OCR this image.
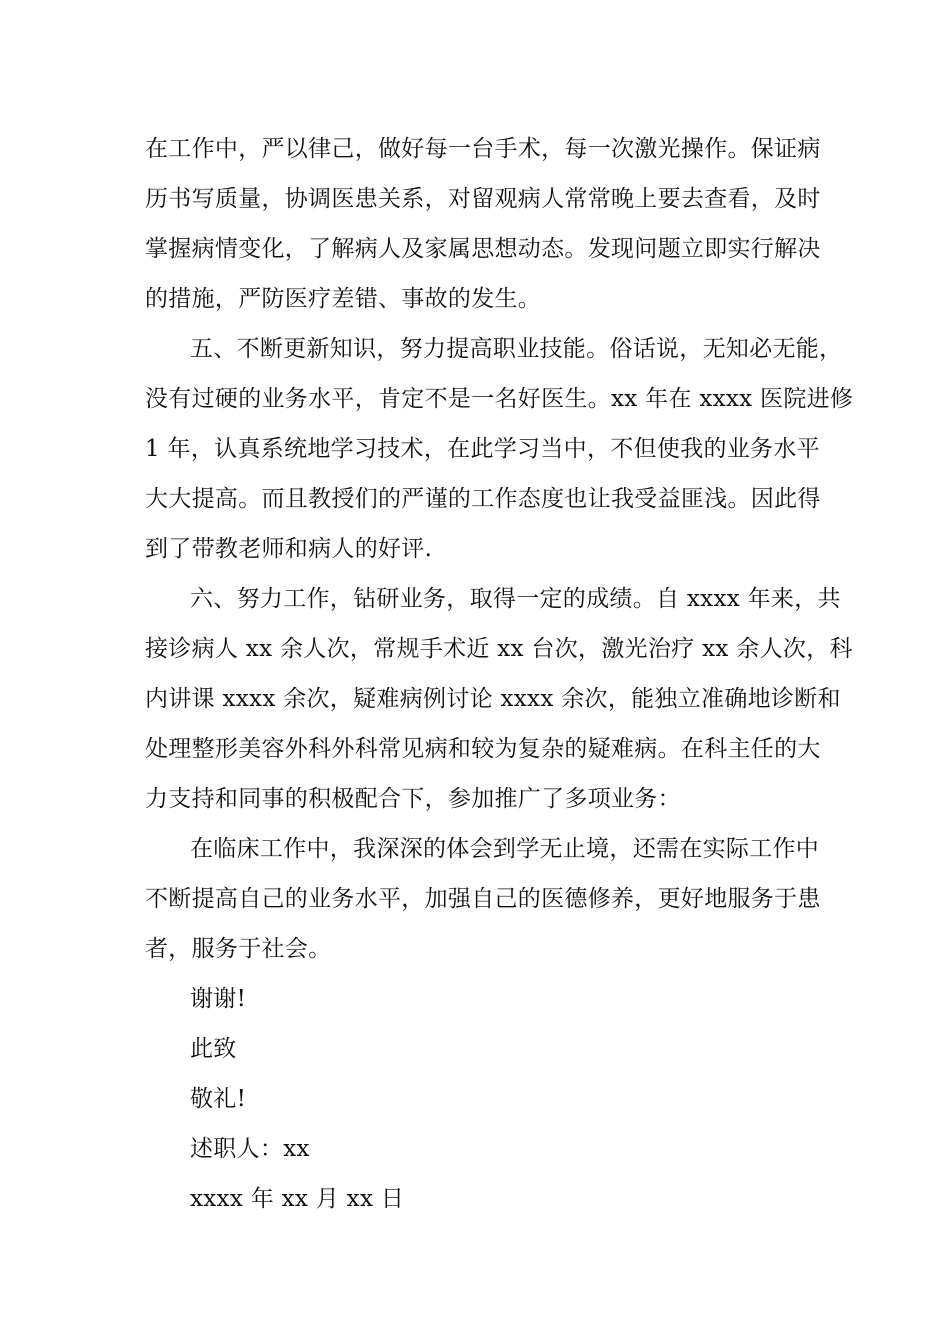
在工作中，严以律己，做好每一台手术，每一次激光操作。保证病
历书写质量，协调医患关系，对留观病人常常晚上要去查看，及时
掌握病情变化，了解病人及家属思想动态。发现问题立即实行解决
的措施，严防医疗差错、事故的发生。
五、不断更新知识，努力提高职业技能。俗话说，无知必无能，
没有过硬的业务水平，肯定不是一名好医生。xx 年在 xxxx 医院进修
1 年，认真系统地学习技术，在此学习当中，不但使我的业务水平
大大提高。而且教授们的严谨的工作态度也让我受益匪浅。因此得
到了带教老师和病人的好评.
六、努力工作，钻研业务，取得一定的成绩。自 xxxx 年来，共
接诊病人 xx 余人次，常规手术近 xx 台次，激光治疗 xx 余人次，科
内讲课 xxxx 余次，疑难病例讨论 xxxx 余次，能独立准确地诊断和
处理整形美容外科外科常见病和较为复杂的疑难病。在科主任的大
力支持和同事的积极配合下，参加推广了多项业务：
在临床工作中，我深深的体会到学无止境，还需在实际工作中
不断提高自己的业务水平，加强自己的医德修养，更好地服务于患
者，服务于社会。
谢谢!
此致
敬礼!
述职人：xx
xxxx 年 xx 月 xx 日
